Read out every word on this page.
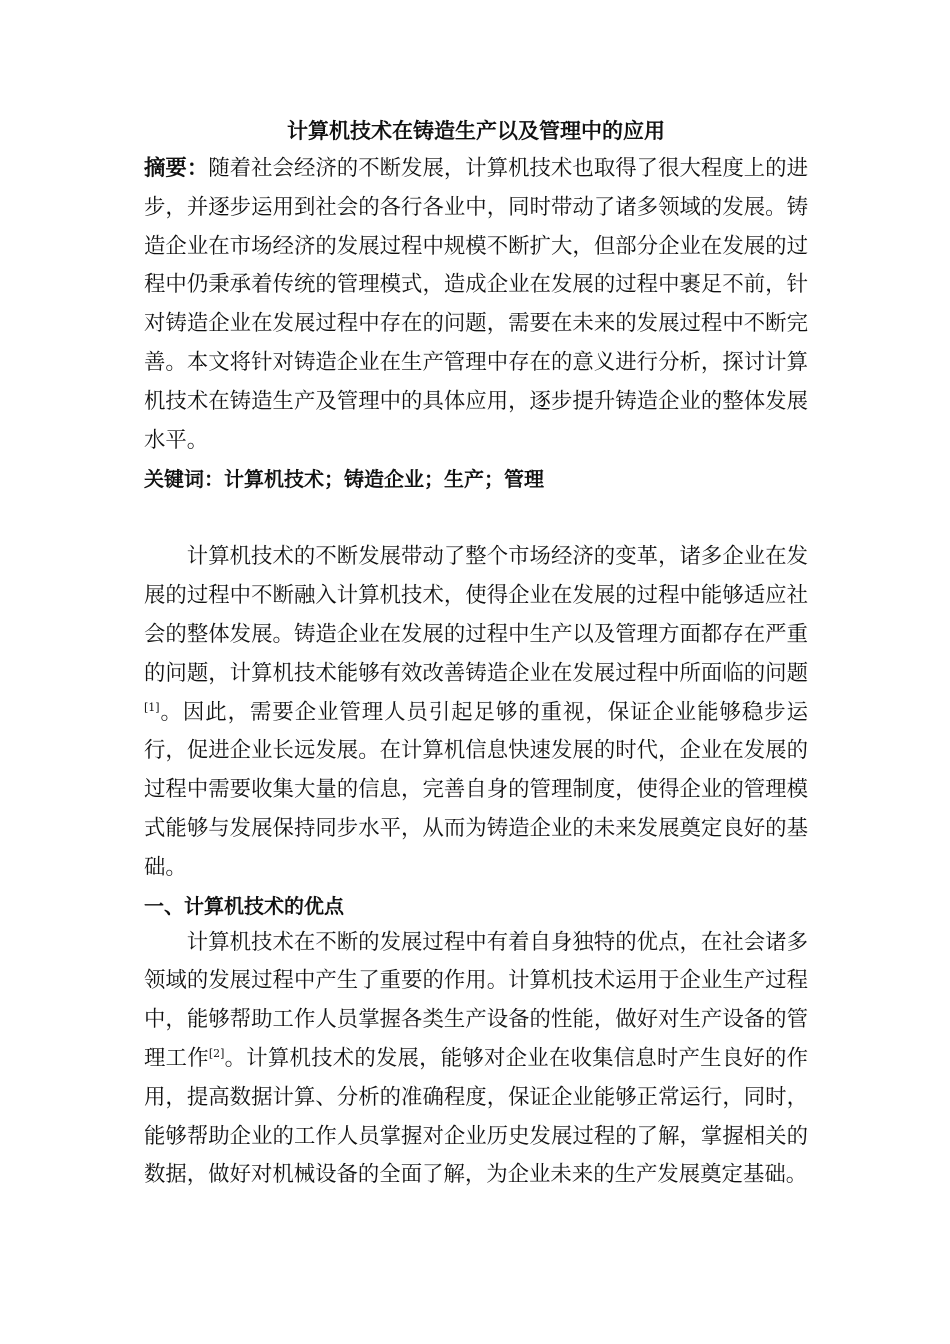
计算机技术在铸造生产以及管理中的应用

摘要：随着社会经济的不断发展，计算机技术也取得了很大程度上的进步，并逐步运用到社会的各行各业中，同时带动了诸多领域的发展。铸造企业在市场经济的发展过程中规模不断扩大，但部分企业在发展的过程中仍秉承着传统的管理模式，造成企业在发展的过程中裹足不前，针对铸造企业在发展过程中存在的问题，需要在未来的发展过程中不断完善。本文将针对铸造企业在生产管理中存在的意义进行分析，探讨计算机技术在铸造生产及管理中的具体应用，逐步提升铸造企业的整体发展水平。

关键词：计算机技术；铸造企业；生产；管理

计算机技术的不断发展带动了整个市场经济的变革，诸多企业在发展的过程中不断融入计算机技术，使得企业在发展的过程中能够适应社会的整体发展。铸造企业在发展的过程中生产以及管理方面都存在严重的问题，计算机技术能够有效改善铸造企业在发展过程中所面临的问题[1]。因此，需要企业管理人员引起足够的重视，保证企业能够稳步运行，促进企业长远发展。在计算机信息快速发展的时代，企业在发展的过程中需要收集大量的信息，完善自身的管理制度，使得企业的管理模式能够与发展保持同步水平，从而为铸造企业的未来发展奠定良好的基础。

一、计算机技术的优点

计算机技术在不断的发展过程中有着自身独特的优点，在社会诸多领域的发展过程中产生了重要的作用。计算机技术运用于企业生产过程中，能够帮助工作人员掌握各类生产设备的性能，做好对生产设备的管理工作[2]。计算机技术的发展，能够对企业在收集信息时产生良好的作用，提高数据计算、分析的准确程度，保证企业能够正常运行，同时，能够帮助企业的工作人员掌握对企业历史发展过程的了解，掌握相关的数据，做好对机械设备的全面了解，为企业未来的生产发展奠定基础。
